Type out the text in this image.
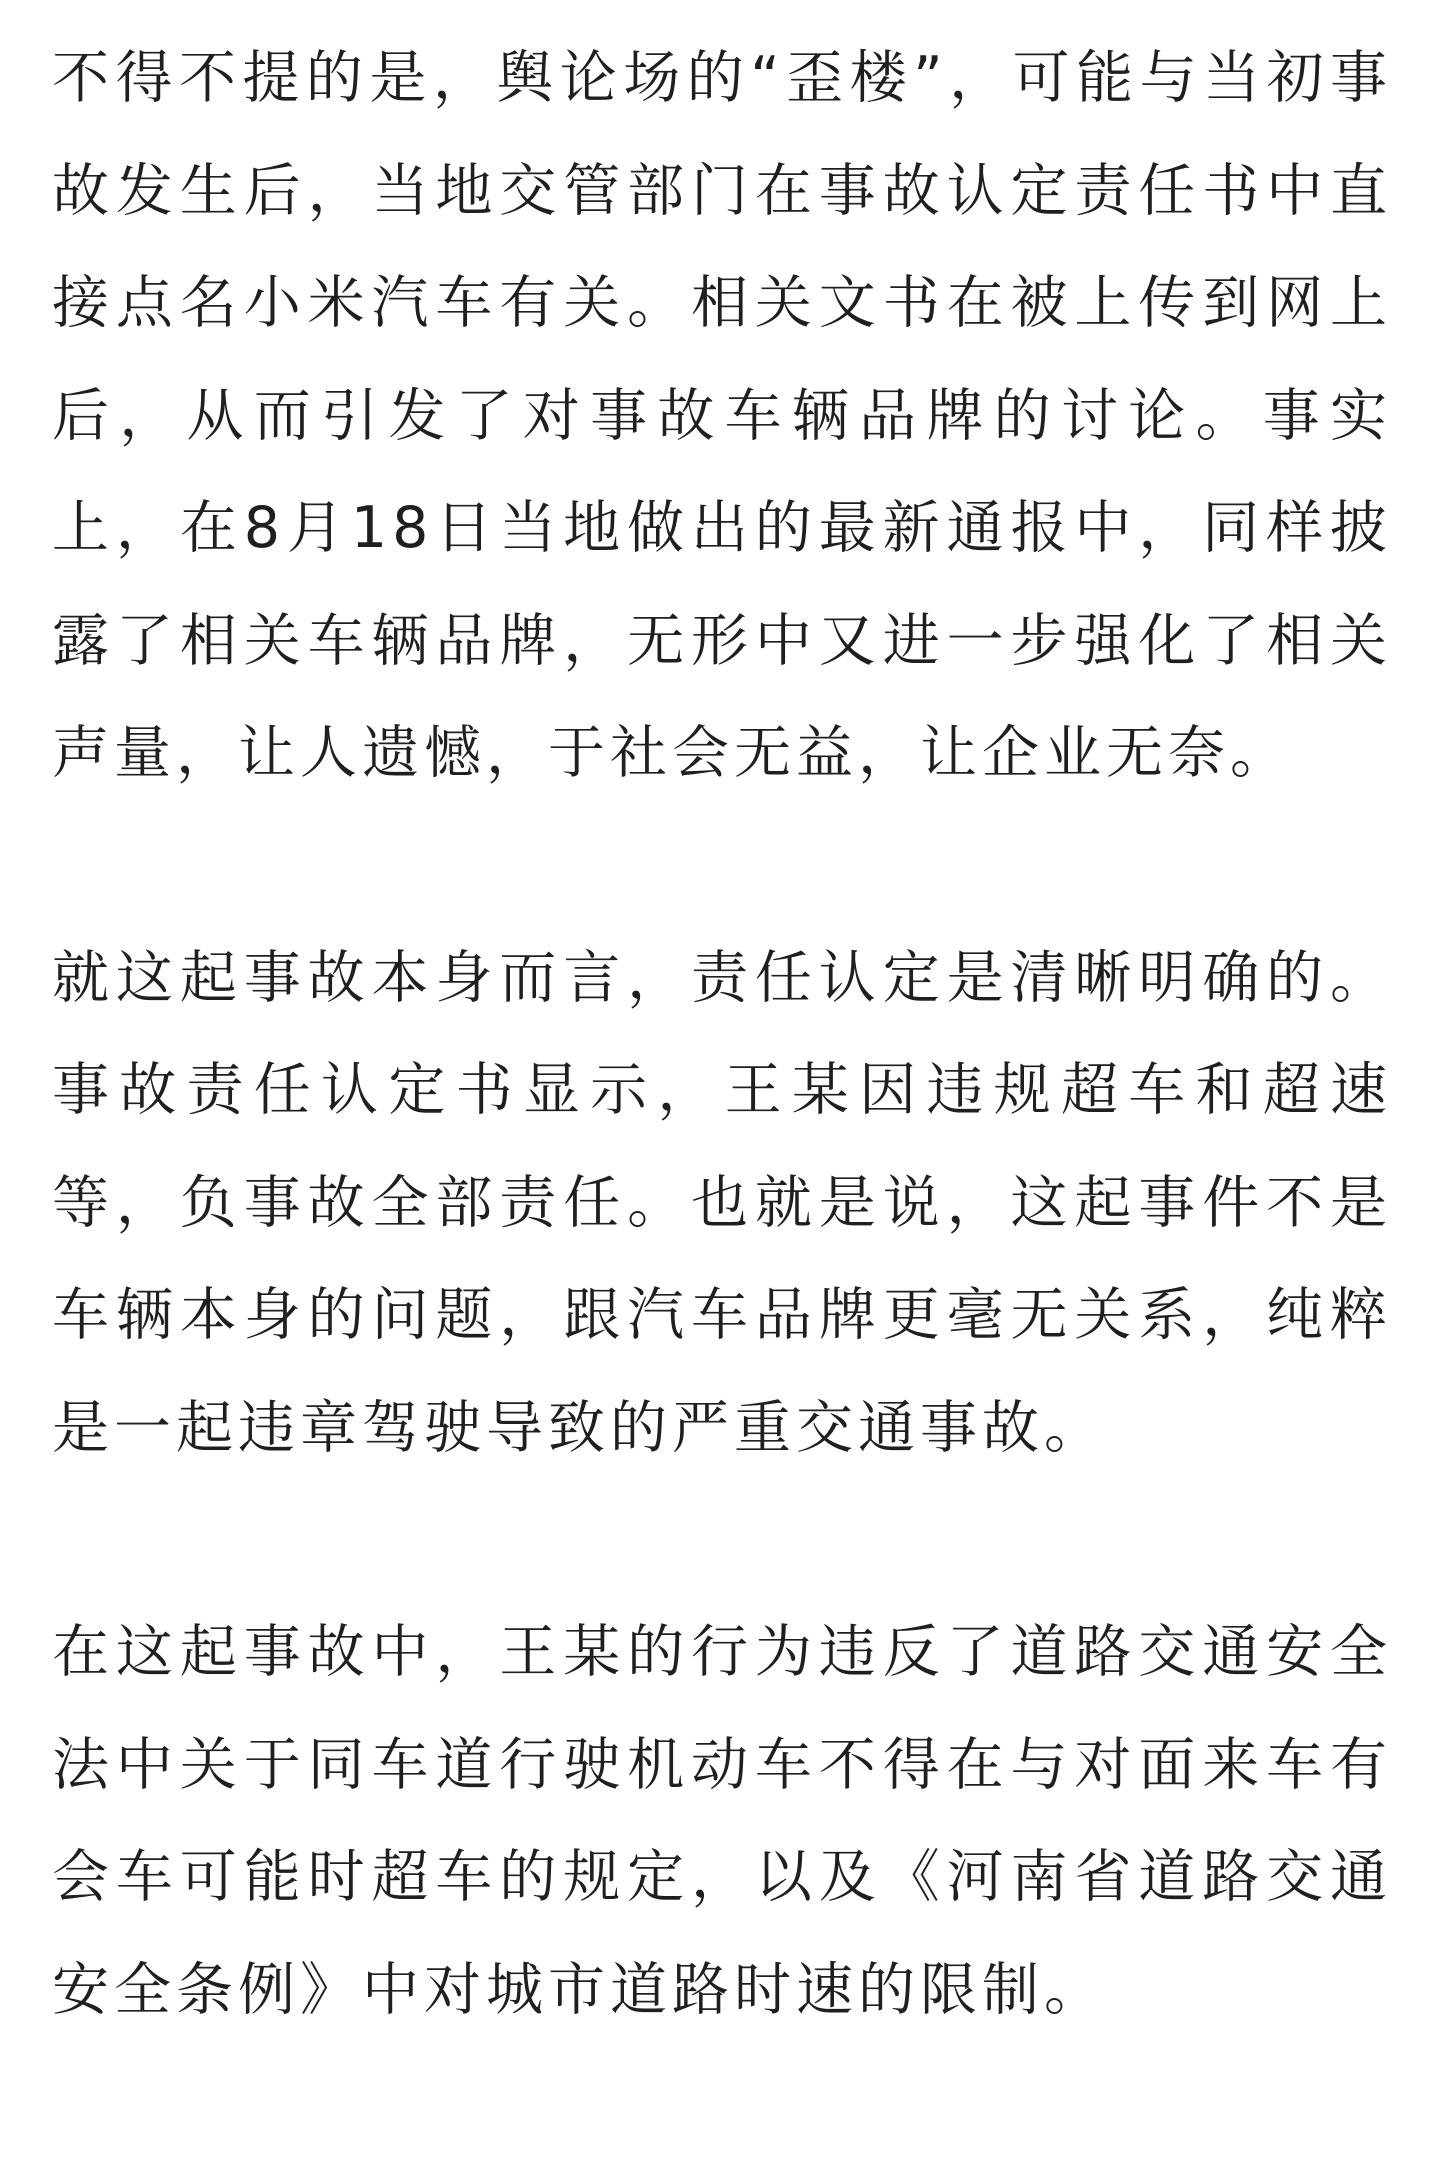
不得不提的是，舆论场的“歪楼”，可能与当初事故发生后，当地交管部门在事故认定责任书中直接点名小米汽车有关。相关文书在被上传到网上后，从而引发了对事故车辆品牌的讨论。事实上，在8月18日当地做出的最新通报中，同样披露了相关车辆品牌，无形中又进一步强化了相关声量，让人遗憾，于社会无益，让企业无奈。

就这起事故本身而言，责任认定是清晰明确的。事故责任认定书显示，王某因违规超车和超速等，负事故全部责任。也就是说，这起事件不是车辆本身的问题，跟汽车品牌更毫无关系，纯粹是一起违章驾驶导致的严重交通事故。

在这起事故中，王某的行为违反了道路交通安全法中关于同车道行驶机动车不得在与对面来车有会车可能时超车的规定，以及《河南省道路交通安全条例》中对城市道路时速的限制。
